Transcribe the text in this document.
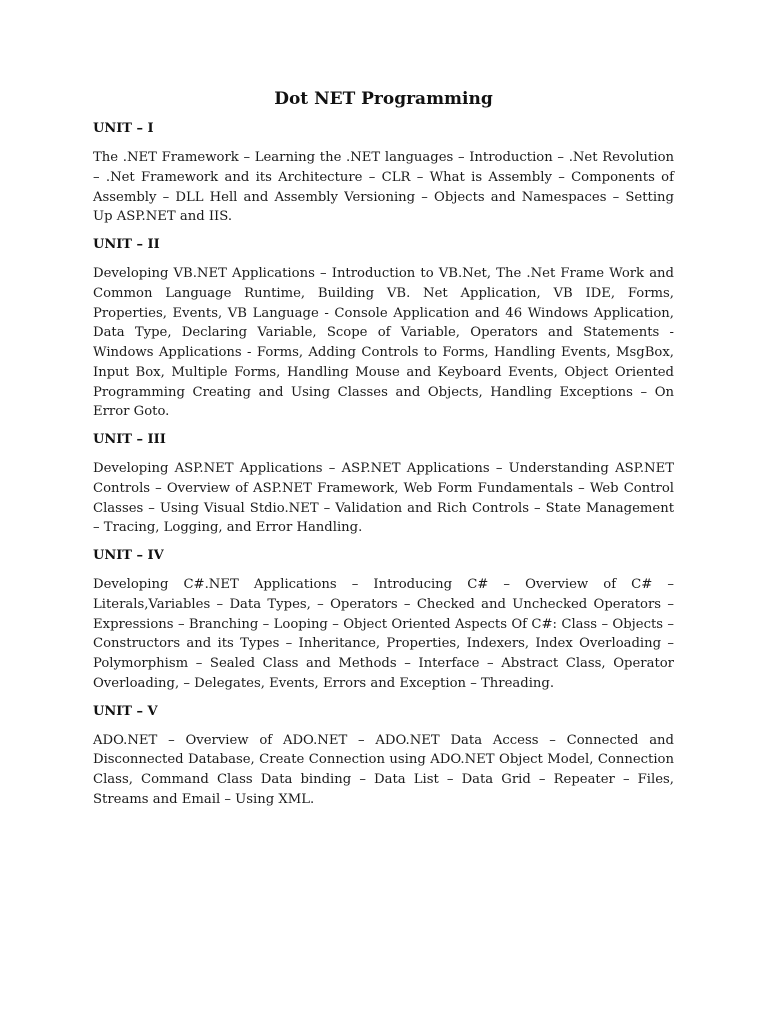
Dot NET Programming
UNIT – I

The .NET Framework – Learning the .NET languages – Introduction – .Net Revolution – .Net Framework and its Architecture – CLR – What is Assembly – Components of Assembly – DLL Hell and Assembly Versioning – Objects and Namespaces – Setting Up ASP.NET and IIS.

UNIT – II

Developing VB.NET Applications – Introduction to VB.Net, The .Net Frame Work and Common Language Runtime, Building VB. Net Application, VB IDE, Forms, Properties, Events, VB Language - Console Application and 46 Windows Application, Data Type, Declaring Variable, Scope of Variable, Operators and Statements - Windows Applications - Forms, Adding Controls to Forms, Handling Events, MsgBox, Input Box, Multiple Forms, Handling Mouse and Keyboard Events, Object Oriented Programming Creating and Using Classes and Objects, Handling Exceptions – On Error Goto.

UNIT – III

Developing ASP.NET Applications – ASP.NET Applications – Understanding ASP.NET Controls – Overview of ASP.NET Framework, Web Form Fundamentals – Web Control Classes – Using Visual Stdio.NET – Validation and Rich Controls – State Management – Tracing, Logging, and Error Handling.

UNIT – IV

Developing C#.NET Applications – Introducing C# – Overview of C# – Literals,Variables – Data Types, – Operators – Checked and Unchecked Operators – Expressions – Branching – Looping – Object Oriented Aspects Of C#: Class – Objects – Constructors and its Types – Inheritance, Properties, Indexers, Index Overloading – Polymorphism – Sealed Class and Methods – Interface – Abstract Class, Operator Overloading, – Delegates, Events, Errors and Exception – Threading.

UNIT – V

ADO.NET – Overview of ADO.NET – ADO.NET Data Access – Connected and Disconnected Database, Create Connection using ADO.NET Object Model, Connection Class, Command Class Data binding – Data List – Data Grid – Repeater – Files, Streams and Email – Using XML.
